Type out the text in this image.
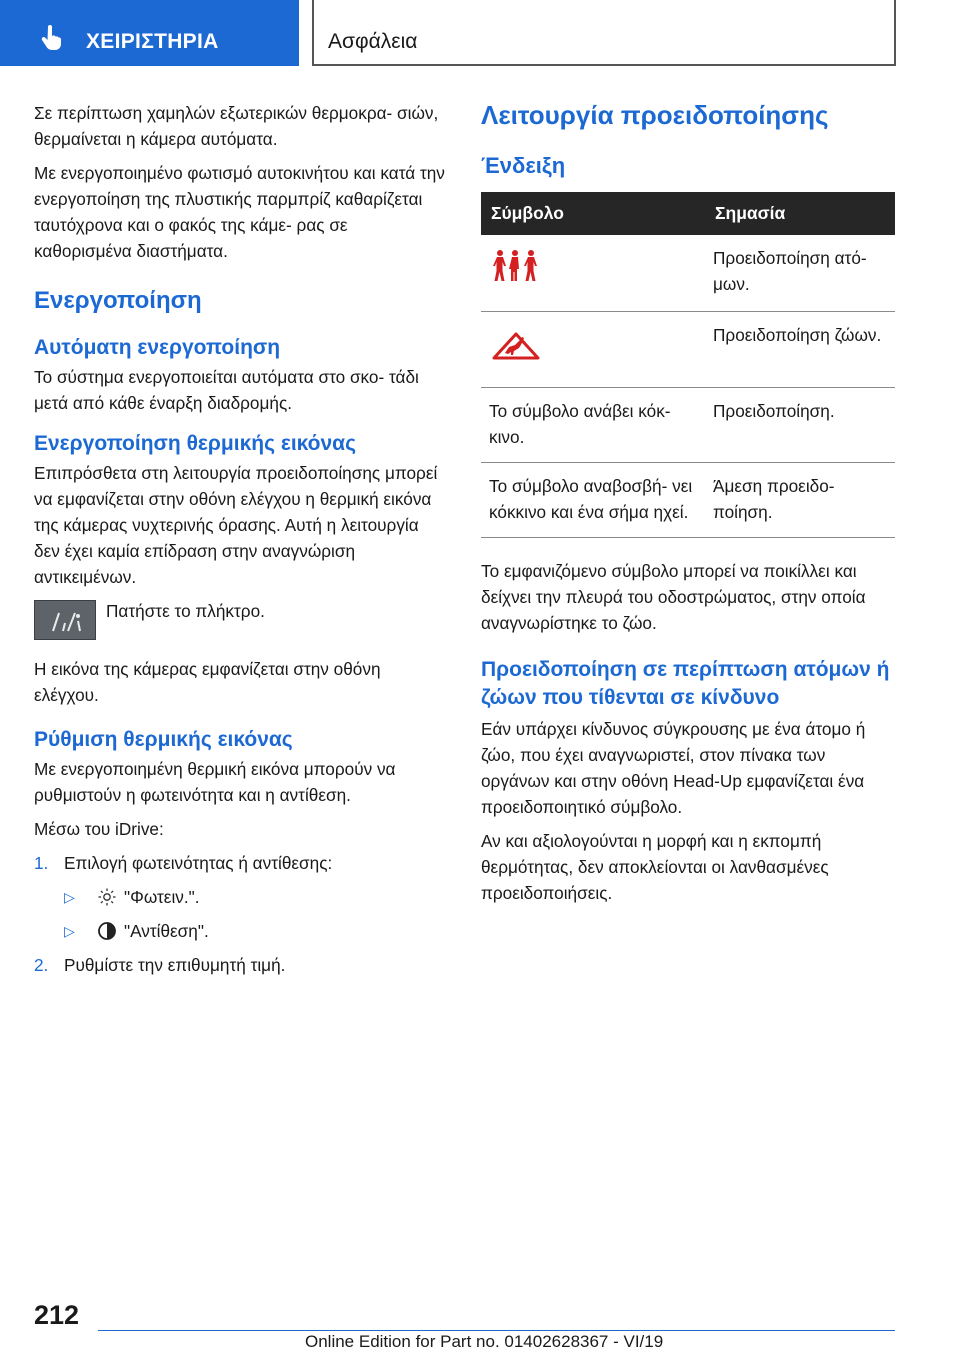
ΧΕΙΡΙΣΤΗΡΙΑ	Ασφάλεια

Σε περίπτωση χαμηλών εξωτερικών θερμοκρα- σιών, θερμαίνεται η κάμερα αυτόματα.

Με ενεργοποιημένο φωτισμό αυτοκινήτου και κατά την ενεργοποίηση της πλυστικής παρμπρίζ καθαρίζεται ταυτόχρονα και ο φακός της κάμε- ρας σε καθορισμένα διαστήματα.

Ενεργοποίηση
Αυτόματη ενεργοποίηση

Το σύστημα ενεργοποιείται αυτόματα στο σκο- τάδι μετά από κάθε έναρξη διαδρομής.

Ενεργοποίηση θερμικής εικόνας

Επιπρόσθετα στη λειτουργία προειδοποίησης μπορεί να εμφανίζεται στην οθόνη ελέγχου η θερμική εικόνα της κάμερας νυχτερινής όρασης. Αυτή η λειτουργία δεν έχει καμία επίδραση στην αναγνώριση αντικειμένων.

Πατήστε το πλήκτρο.

Η εικόνα της κάμερας εμφανίζεται στην οθόνη ελέγχου.

Ρύθμιση θερμικής εικόνας

Με ενεργοποιημένη θερμική εικόνα μπορούν να ρυθμιστούν η φωτεινότητα και η αντίθεση.

Μέσω του iDrive:

1. Επιλογή φωτεινότητας ή αντίθεσης:
▷	"Φωτειν.".
▷	"Αντίθεση".
2. Ρυθμίστε την επιθυμητή τιμή.
Λειτουργία προειδοποίησης
Ένδειξη
Σύμβολο	Σημασία
	Προειδοποίηση ατό- μων.
	Προειδοποίηση ζώων.
Το σύμβολο ανάβει κόκ- κινο.	Προειδοποίηση.
Το σύμβολο αναβοσβή- νει κόκκινο και ένα σήμα ηχεί.	Άμεση προειδο- ποίηση.

Το εμφανιζόμενο σύμβολο μπορεί να ποικίλλει και δείχνει την πλευρά του οδοστρώματος, στην οποία αναγνωρίστηκε το ζώο.

Προειδοποίηση σε περίπτωση ατόμων ή ζώων που τίθενται σε κίνδυνο

Εάν υπάρχει κίνδυνος σύγκρουσης με ένα άτομο ή ζώο, που έχει αναγνωριστεί, στον πίνακα των οργάνων και στην οθόνη Head-Up εμφανίζεται ένα προειδοποιητικό σύμβολο.

Αν και αξιολογούνται η μορφή και η εκπομπή θερμότητας, δεν αποκλείονται οι λανθασμένες προειδοποιήσεις.

212
Online Edition for Part no. 01402628367 - VI/19
